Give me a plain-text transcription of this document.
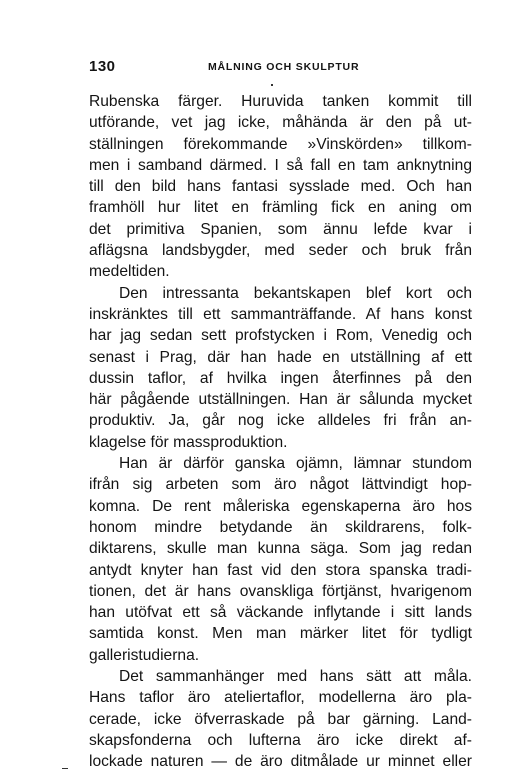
130	MÅLNING OCH SKULPTUR
Rubenska färger. Huruvida tanken kommit till
utförande, vet jag icke, måhända är den på ut-
ställningen förekommande »Vinskörden» tillkom-
men i samband därmed. I så fall en tam anknytning
till den bild hans fantasi sysslade med. Och han
framhöll hur litet en främling fick en aning om
det primitiva Spanien, som ännu lefde kvar i
aflägsna landsbygder, med seder och bruk från
medeltiden.
Den intressanta bekantskapen blef kort och
inskränktes till ett sammanträffande. Af hans konst
har jag sedan sett profstycken i Rom, Venedig och
senast i Prag, där han hade en utställning af ett
dussin taflor, af hvilka ingen återfinnes på den
här pågående utställningen. Han är sålunda mycket
produktiv. Ja, går nog icke alldeles fri från an-
klagelse för massproduktion.
Han är därför ganska ojämn, lämnar stundom
ifrån sig arbeten som äro något lättvindigt hop-
komna. De rent måleriska egenskaperna äro hos
honom mindre betydande än skildrarens, folk-
diktarens, skulle man kunna säga. Som jag redan
antydt knyter han fast vid den stora spanska tradi-
tionen, det är hans ovanskliga förtjänst, hvarigenom
han utöfvat ett så väckande inflytande i sitt lands
samtida konst. Men man märker litet för tydligt
galleristudierna.
Det sammanhänger med hans sätt att måla.
Hans taflor äro ateliertaflor, modellerna äro pla-
cerade, icke öfverraskade på bar gärning. Land-
skapsfonderna och lufterna äro icke direkt af-
lockade naturen — de äro ditmålade ur minnet eller
